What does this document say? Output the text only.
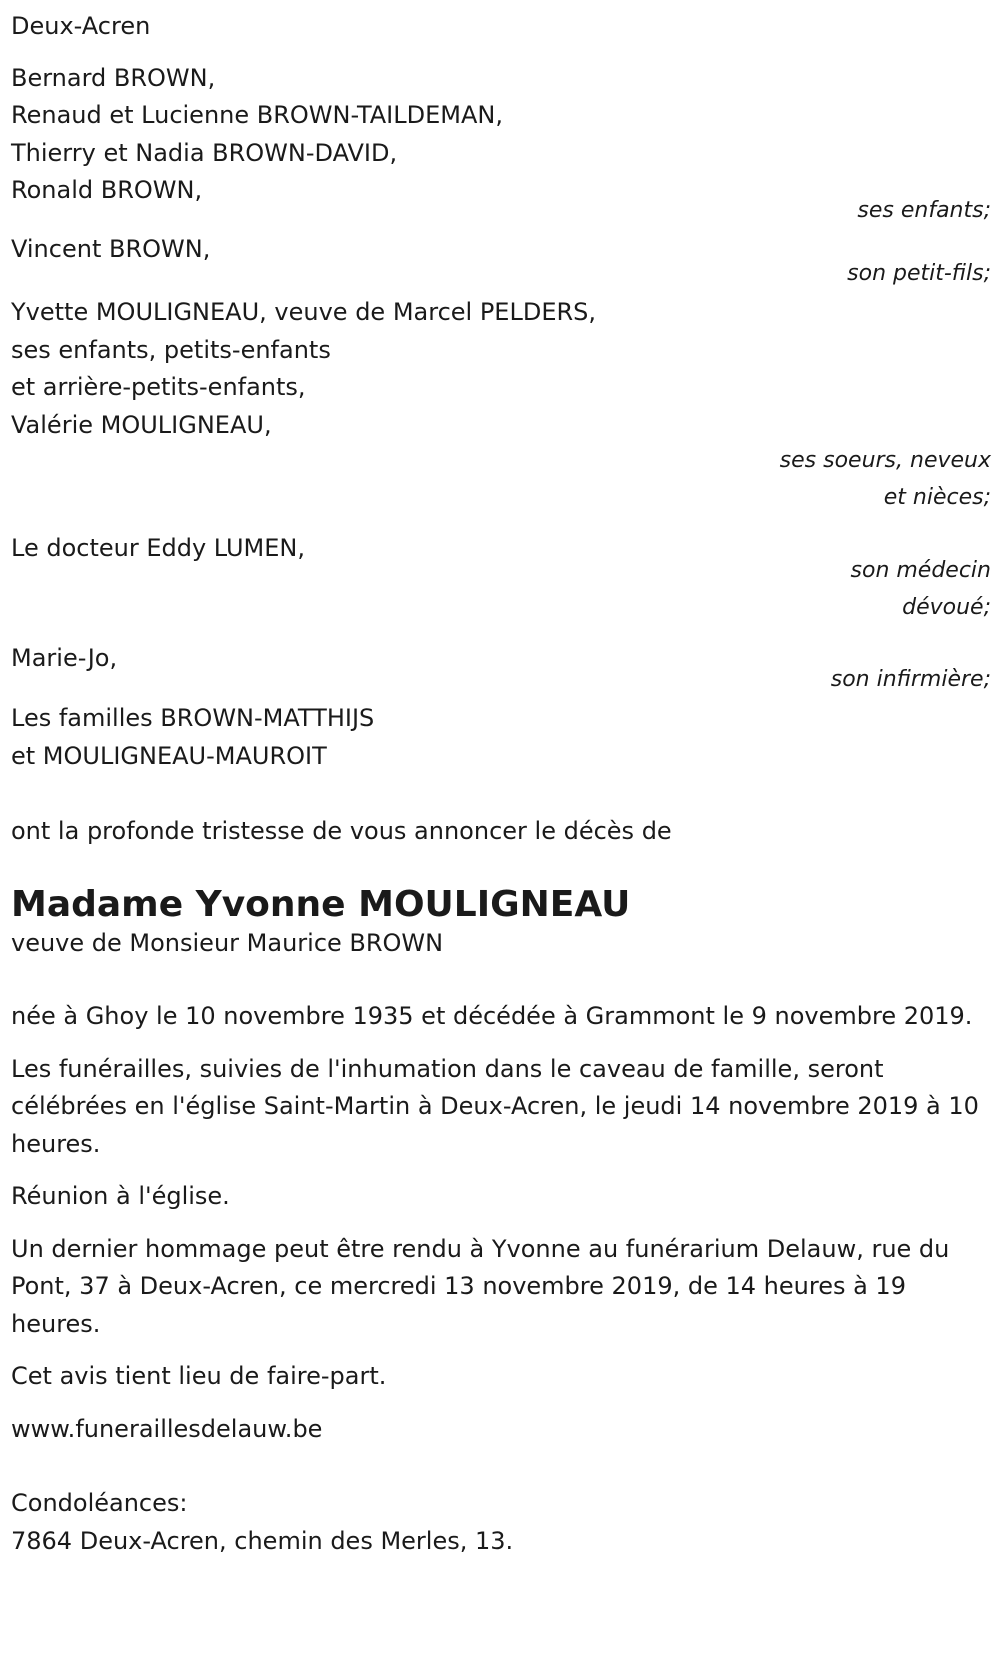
Deux-Acren

Bernard BROWN,

Renaud et Lucienne BROWN-TAILDEMAN,

Thierry et Nadia BROWN-DAVID,

Ronald BROWN,

ses enfants;

Vincent BROWN,

son petit-fils;

Yvette MOULIGNEAU, veuve de Marcel PELDERS,

ses enfants, petits-enfants

et arrière-petits-enfants,

Valérie MOULIGNEAU,

ses soeurs, neveux

et nièces;

Le docteur Eddy LUMEN,

son médecin

dévoué;

Marie-Jo,

son infirmière;

Les familles BROWN-MATTHIJS

et MOULIGNEAU-MAUROIT

ont la profonde tristesse de vous annoncer le décès de

Madame Yvonne MOULIGNEAU

veuve de Monsieur Maurice BROWN

née à Ghoy le 10 novembre 1935 et décédée à Grammont le 9 novembre 2019.

Les funérailles, suivies de l'inhumation dans le caveau de famille, seront célébrées en l'église Saint-Martin à Deux-Acren, le jeudi 14 novembre 2019 à 10 heures.

Réunion à l'église.

Un dernier hommage peut être rendu à Yvonne au funérarium Delauw, rue du Pont, 37 à Deux-Acren, ce mercredi 13 novembre 2019, de 14 heures à 19 heures.

Cet avis tient lieu de faire-part.

www.funeraillesdelauw.be

Condoléances:

7864 Deux-Acren, chemin des Merles, 13.
